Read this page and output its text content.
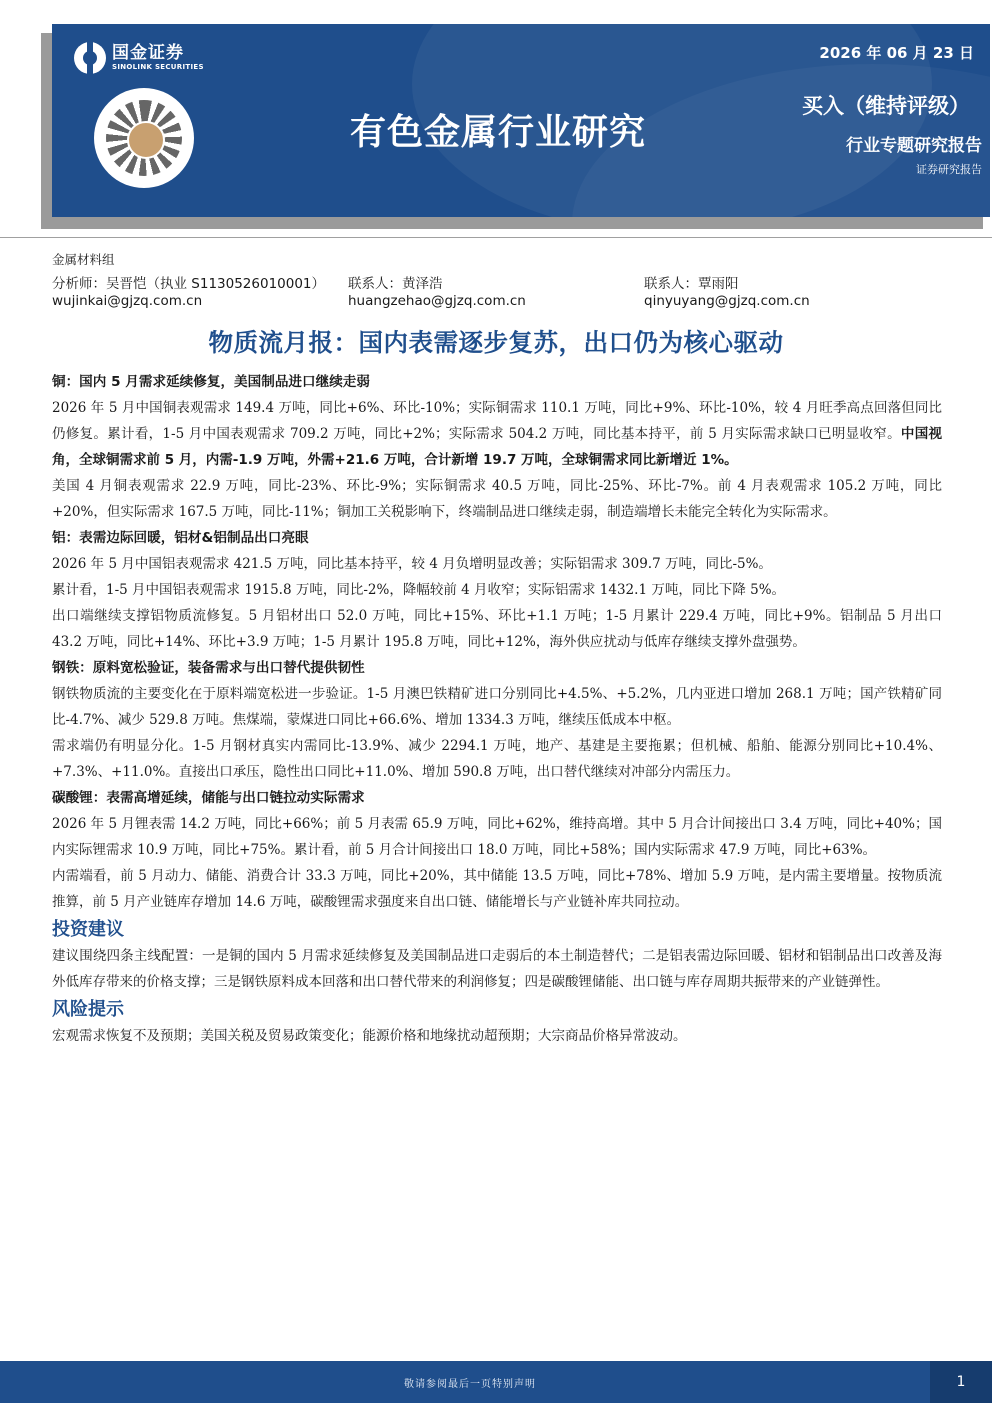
国金证券
SINOLINK SECURITIES
有色金属行业研究
2026 年 06 月 23 日
买入（维持评级）
行业专题研究报告
证券研究报告
金属材料组
分析师：吴晋恺（执业 S1130526010001） 联系人：黄泽浩	联系人：覃雨阳
wujinkai@gjzq.com.cn	huangzehao@gjzq.com.cn	qinyuyang@gjzq.com.cn
物质流月报：国内表需逐步复苏，出口仍为核心驱动

铜：国内 5 月需求延续修复，美国制品进口继续走弱

2026 年 5 月中国铜表观需求 149.4 万吨，同比+6%、环比-10%；实际铜需求 110.1 万吨，同比+9%、环比-10%，较 4 月旺季高点回落但同比仍修复。累计看，1-5 月中国表观需求 709.2 万吨，同比+2%；实际需求 504.2 万吨，同比基本持平，前 5 月实际需求缺口已明显收窄。中国视角，全球铜需求前 5 月，内需-1.9 万吨，外需+21.6 万吨，合计新增 19.7 万吨，全球铜需求同比新增近 1%。

美国 4 月铜表观需求 22.9 万吨，同比-23%、环比-9%；实际铜需求 40.5 万吨，同比-25%、环比-7%。前 4 月表观需求 105.2 万吨，同比+20%，但实际需求 167.5 万吨，同比-11%；铜加工关税影响下，终端制品进口继续走弱，制造端增长未能完全转化为实际需求。

铝：表需边际回暖，铝材&铝制品出口亮眼

2026 年 5 月中国铝表观需求 421.5 万吨，同比基本持平，较 4 月负增明显改善；实际铝需求 309.7 万吨，同比-5%。

累计看，1-5 月中国铝表观需求 1915.8 万吨，同比-2%，降幅较前 4 月收窄；实际铝需求 1432.1 万吨，同比下降 5%。

出口端继续支撑铝物质流修复。5 月铝材出口 52.0 万吨，同比+15%、环比+1.1 万吨；1-5 月累计 229.4 万吨，同比+9%。铝制品 5 月出口 43.2 万吨，同比+14%、环比+3.9 万吨；1-5 月累计 195.8 万吨，同比+12%，海外供应扰动与低库存继续支撑外盘强势。

钢铁：原料宽松验证，装备需求与出口替代提供韧性

钢铁物质流的主要变化在于原料端宽松进一步验证。1-5 月澳巴铁精矿进口分别同比+4.5%、+5.2%，几内亚进口增加 268.1 万吨；国产铁精矿同比-4.7%、减少 529.8 万吨。焦煤端，蒙煤进口同比+66.6%、增加 1334.3 万吨，继续压低成本中枢。

需求端仍有明显分化。1-5 月钢材真实内需同比-13.9%、减少 2294.1 万吨，地产、基建是主要拖累；但机械、船舶、能源分别同比+10.4%、+7.3%、+11.0%。直接出口承压，隐性出口同比+11.0%、增加 590.8 万吨，出口替代继续对冲部分内需压力。

碳酸锂：表需高增延续，储能与出口链拉动实际需求

2026 年 5 月锂表需 14.2 万吨，同比+66%；前 5 月表需 65.9 万吨，同比+62%，维持高增。其中 5 月合计间接出口 3.4 万吨，同比+40%；国内实际锂需求 10.9 万吨，同比+75%。累计看，前 5 月合计间接出口 18.0 万吨，同比+58%；国内实际需求 47.9 万吨，同比+63%。

内需端看，前 5 月动力、储能、消费合计 33.3 万吨，同比+20%，其中储能 13.5 万吨，同比+78%、增加 5.9 万吨，是内需主要增量。按物质流推算，前 5 月产业链库存增加 14.6 万吨，碳酸锂需求强度来自出口链、储能增长与产业链补库共同拉动。

投资建议

建议围绕四条主线配置：一是铜的国内 5 月需求延续修复及美国制品进口走弱后的本土制造替代；二是铝表需边际回暖、铝材和铝制品出口改善及海外低库存带来的价格支撑；三是钢铁原料成本回落和出口替代带来的利润修复；四是碳酸锂储能、出口链与库存周期共振带来的产业链弹性。

风险提示

宏观需求恢复不及预期；美国关税及贸易政策变化；能源价格和地缘扰动超预期；大宗商品价格异常波动。

敬请参阅最后一页特别声明	1
